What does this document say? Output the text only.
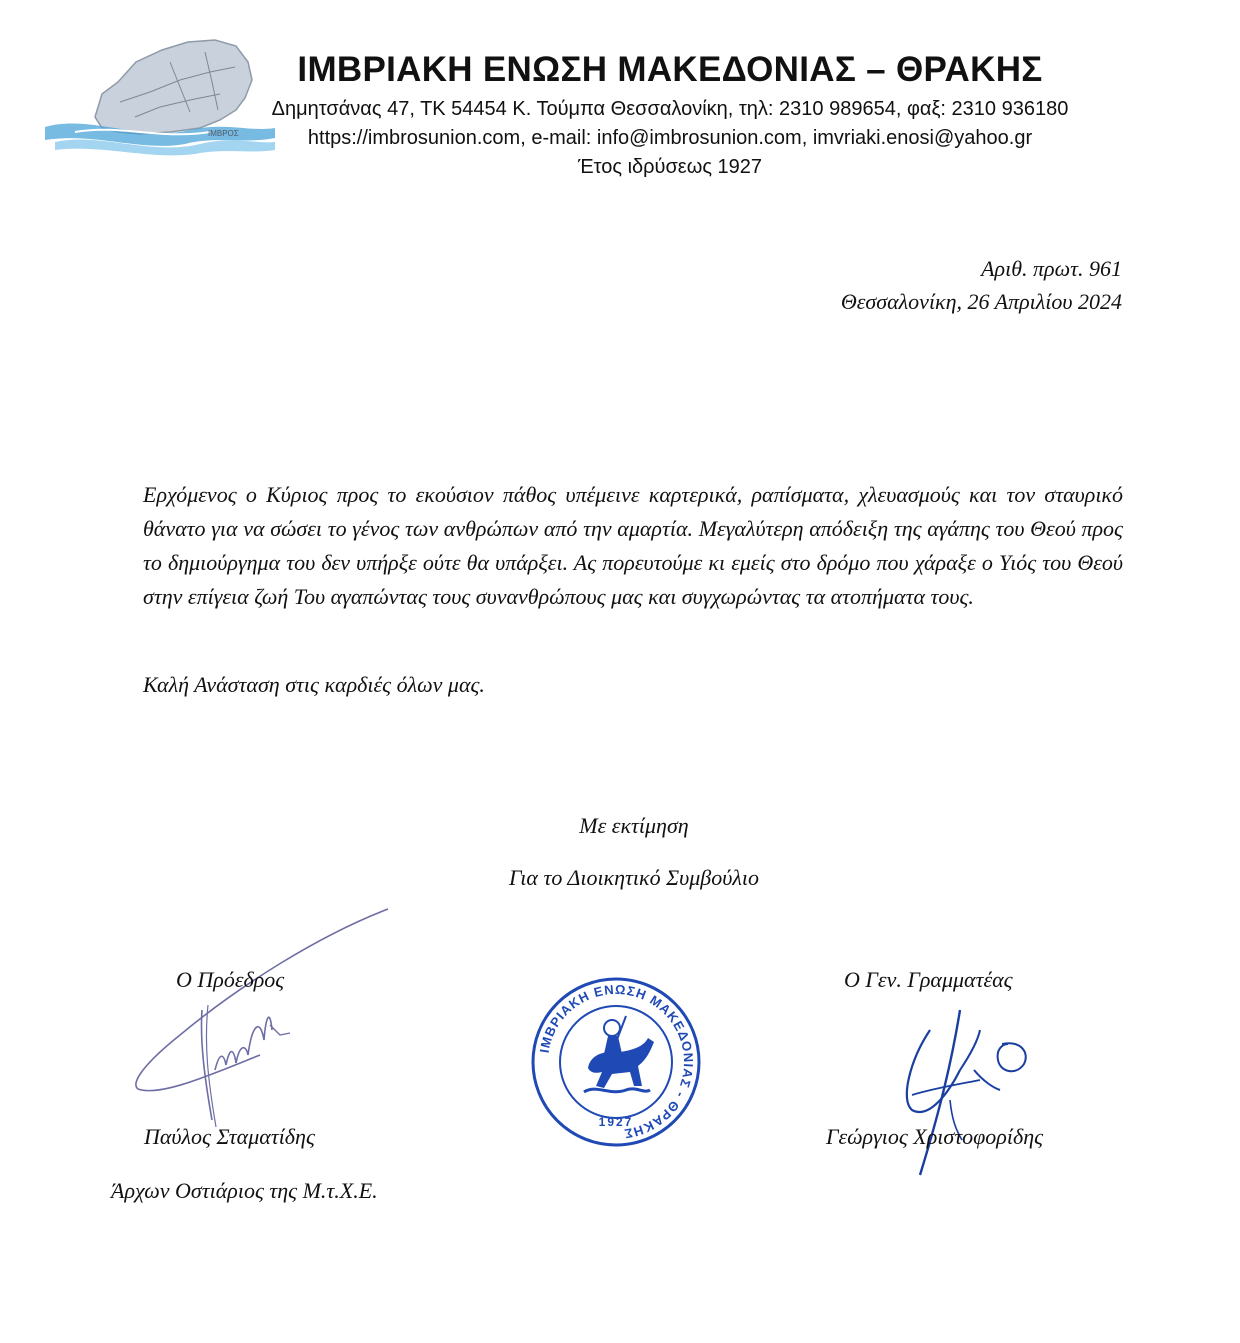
ΙΜΒΡΟΣ
ΙΜΒΡΙΑΚΗ ΕΝΩΣΗ ΜΑΚΕΔΟΝΙΑΣ – ΘΡΑΚΗΣ
Δημητσάνας 47, ΤΚ 54454 Κ. Τούμπα Θεσσαλονίκη, τηλ: 2310 989654, φαξ: 2310 936180
https://imbrosunion.com, e-mail: info@imbrosunion.com, imvriaki.enosi@yahoo.gr
Έτος ιδρύσεως 1927
Αριθ. πρωτ. 961
Θεσσαλονίκη, 26 Απριλίου 2024

Ερχόμενος ο Κύριος προς το εκούσιον πάθος υπέμεινε καρτερικά, ραπίσματα, χλευασμούς και τον σταυρικό θάνατο για να σώσει το γένος των ανθρώπων από την αμαρτία. Μεγαλύτερη απόδειξη της αγάπης του Θεού προς το δημιούργημα του δεν υπήρξε ούτε θα υπάρξει. Ας πορευτούμε κι εμείς στο δρόμο που χάραξε ο Υιός του Θεού στην επίγεια ζωή Του αγαπώντας τους συνανθρώπους μας και συγχωρώντας τα ατοπήματα τους.

Καλή Ανάσταση στις καρδιές όλων μας.

Με εκτίμηση
Για το Διοικητικό Συμβούλιο
Ο Πρόεδρος
Παύλος Σταματίδης
Άρχων Οστιάριος της Μ.τ.Χ.Ε.
ΙΜΒΡΙΑΚΗ ΕΝΩΣΗ ΜΑΚΕΔΟΝΙΑΣ - ΘΡΑΚΗΣ
1927
Ο Γεν. Γραμματέας
Γεώργιος Χριστοφορίδης
